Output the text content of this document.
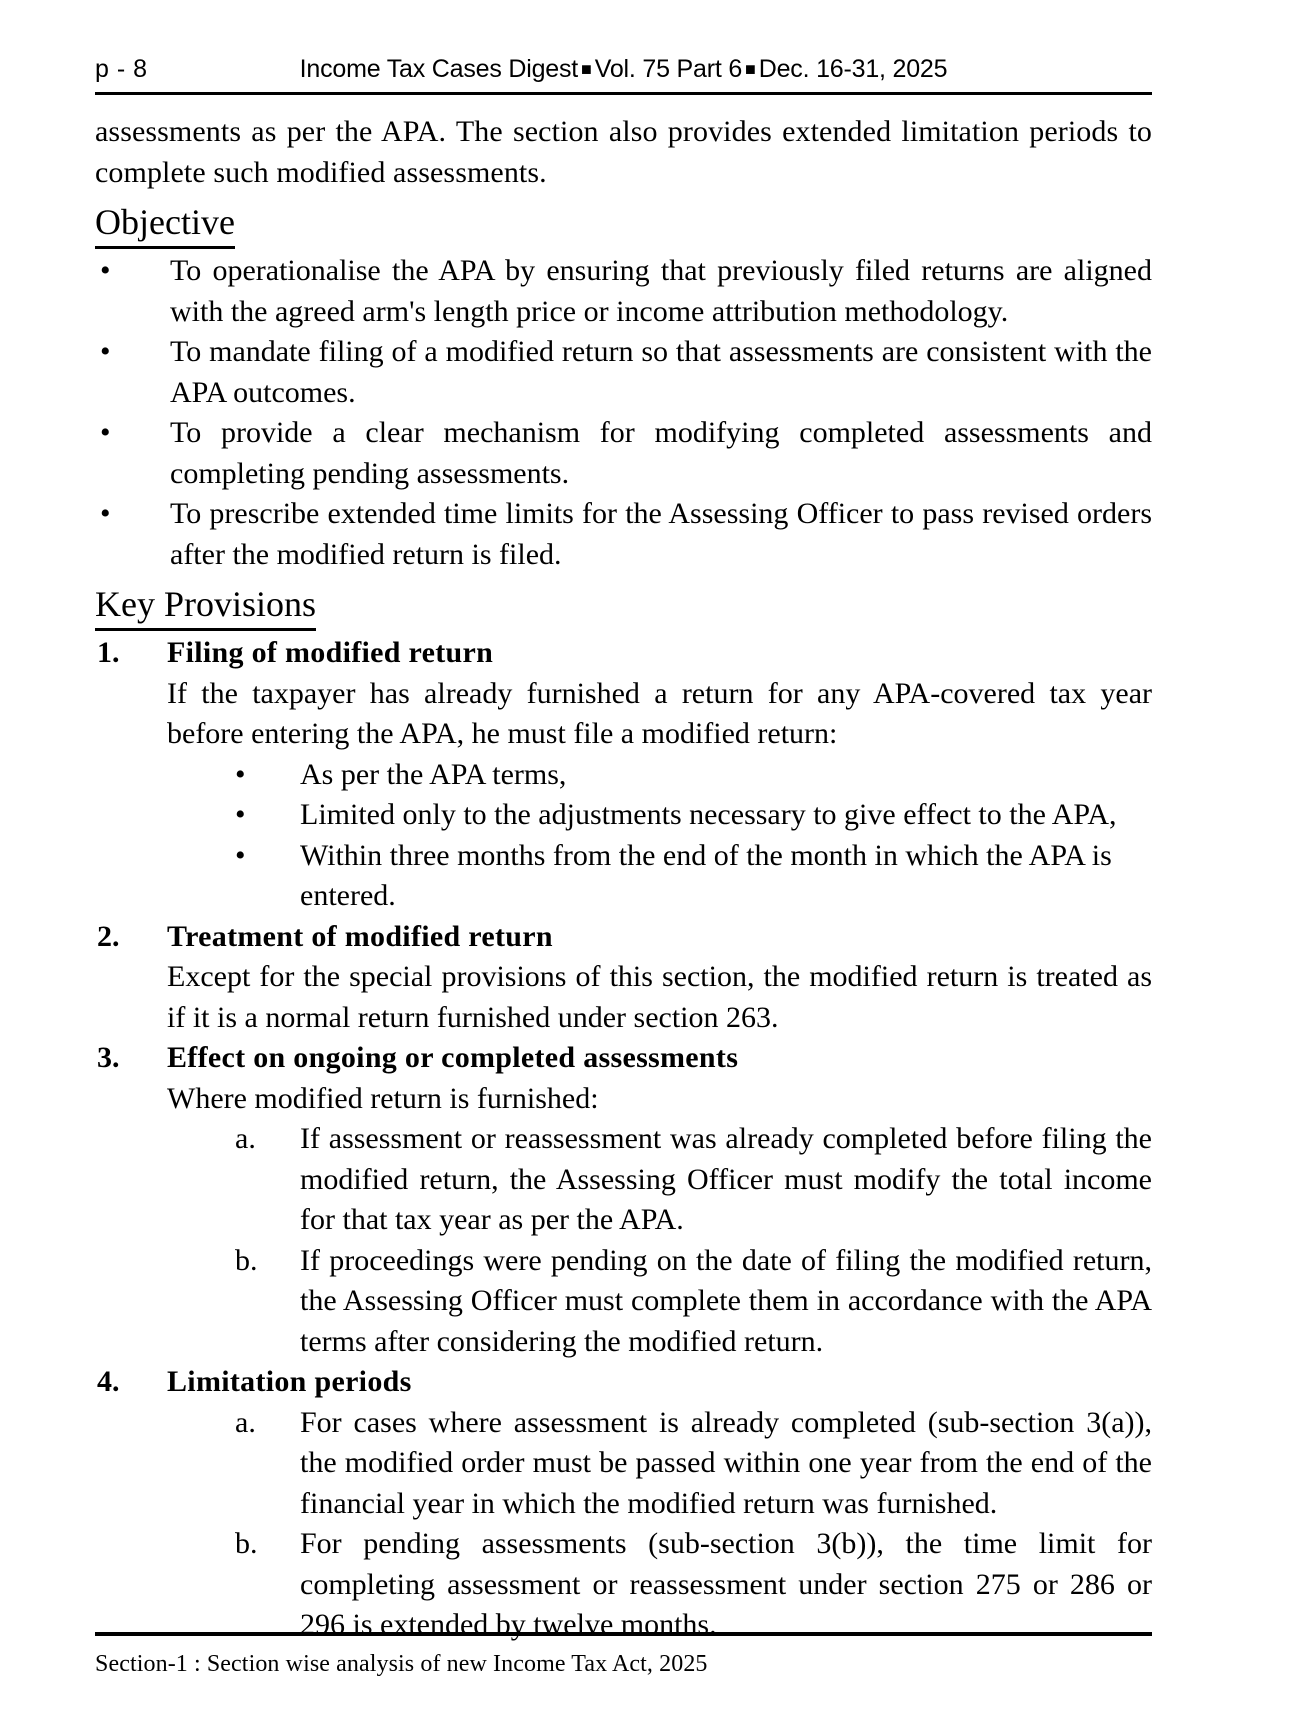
p - 8	Income Tax Cases Digest ■ Vol. 75 Part 6 ■ Dec. 16-31, 2025

assessments as per the APA. The section also provides extended limitation periods to complete such modified assessments.

Objective
•	To operationalise the APA by ensuring that previously filed returns are aligned with the agreed arm's length price or income attribution methodology.
•	To mandate filing of a modified return so that assessments are consistent with the APA outcomes.
•	To provide a clear mechanism for modifying completed assessments and completing pending assessments.
•	To prescribe extended time limits for the Assessing Officer to pass revised orders after the modified return is filed.
Key Provisions
1. Filing of modified return
If the taxpayer has already furnished a return for any APA-covered tax year before entering the APA, he must file a modified return:
• As per the APA terms,
• Limited only to the adjustments necessary to give effect to the APA,
• Within three months from the end of the month in which the APA is entered.
2. Treatment of modified return
Except for the special provisions of this section, the modified return is treated as if it is a normal return furnished under section 263.
3. Effect on ongoing or completed assessments
Where modified return is furnished:
a. If assessment or reassessment was already completed before filing the modified return, the Assessing Officer must modify the total income for that tax year as per the APA.
b. If proceedings were pending on the date of filing the modified return, the Assessing Officer must complete them in accordance with the APA terms after considering the modified return.
4. Limitation periods
a. For cases where assessment is already completed (sub-section 3(a)), the modified order must be passed within one year from the end of the financial year in which the modified return was furnished.
b. For pending assessments (sub-section 3(b)), the time limit for completing assessment or reassessment under section 275 or 286 or 296 is extended by twelve months.
Section-1 : Section wise analysis of new Income Tax Act, 2025
